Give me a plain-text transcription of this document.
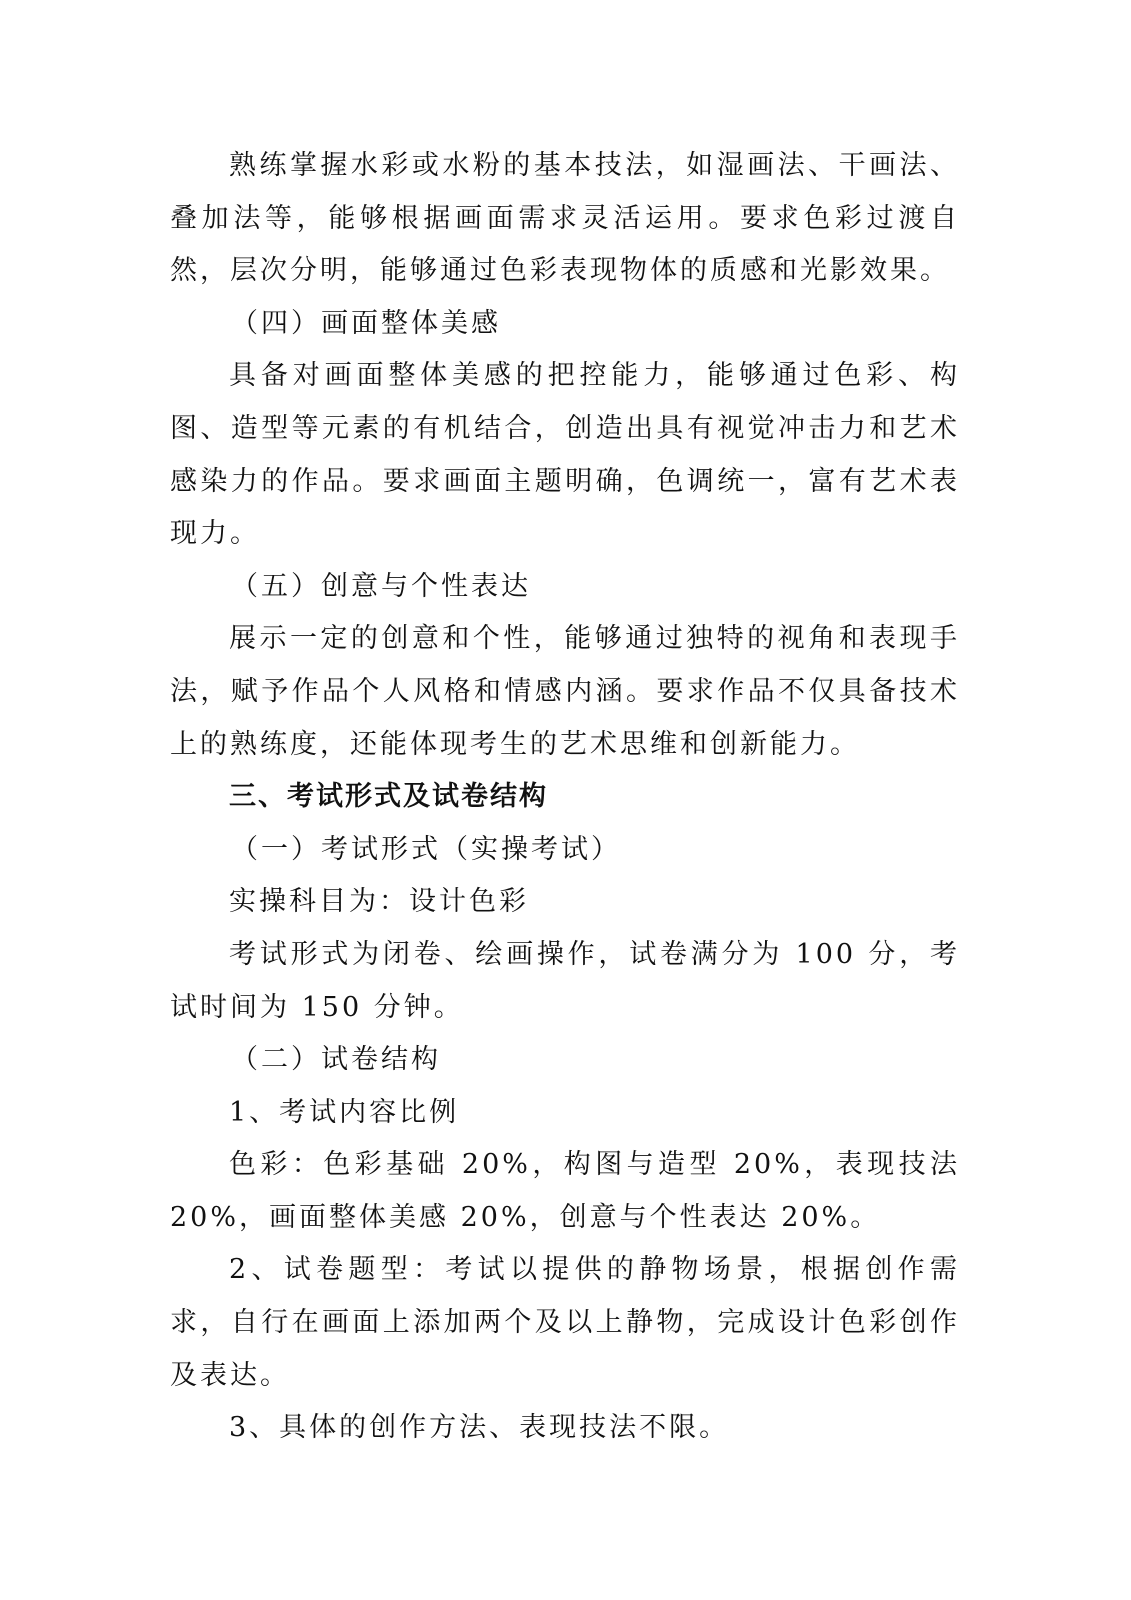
熟练掌握水彩或水粉的基本技法，如湿画法、干画法、叠加法等，能够根据画面需求灵活运用。要求色彩过渡自然，层次分明，能够通过色彩表现物体的质感和光影效果。

（四）画面整体美感

具备对画面整体美感的把控能力，能够通过色彩、构图、造型等元素的有机结合，创造出具有视觉冲击力和艺术感染力的作品。要求画面主题明确，色调统一，富有艺术表现力。

（五）创意与个性表达

展示一定的创意和个性，能够通过独特的视角和表现手法，赋予作品个人风格和情感内涵。要求作品不仅具备技术上的熟练度，还能体现考生的艺术思维和创新能力。

三、考试形式及试卷结构

（一）考试形式（实操考试）

实操科目为：设计色彩

考试形式为闭卷、绘画操作，试卷满分为 100 分，考试时间为 150 分钟。

（二）试卷结构

1、考试内容比例

色彩：色彩基础 20%，构图与造型 20%，表现技法 20%，画面整体美感 20%，创意与个性表达 20%。

2、试卷题型：考试以提供的静物场景，根据创作需求，自行在画面上添加两个及以上静物，完成设计色彩创作及表达。

3、具体的创作方法、表现技法不限。
